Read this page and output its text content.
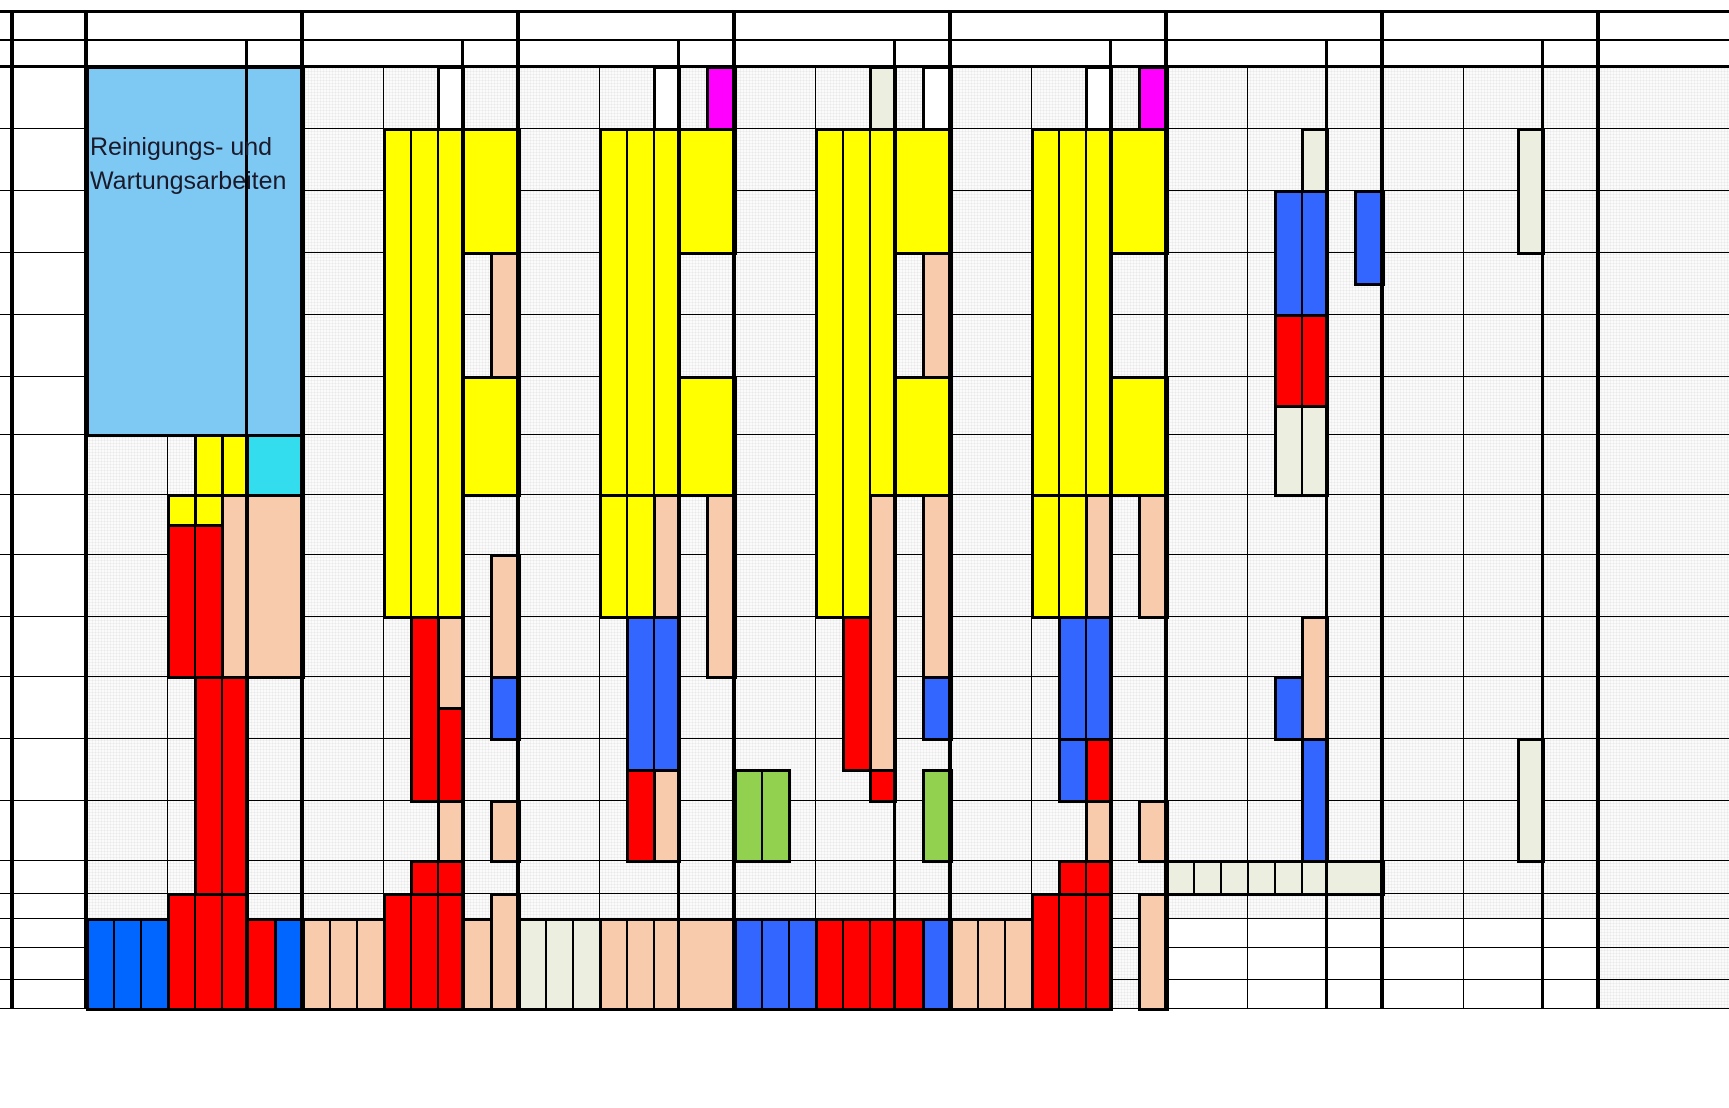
Reinigungs- und
Wartungsarbeiten
